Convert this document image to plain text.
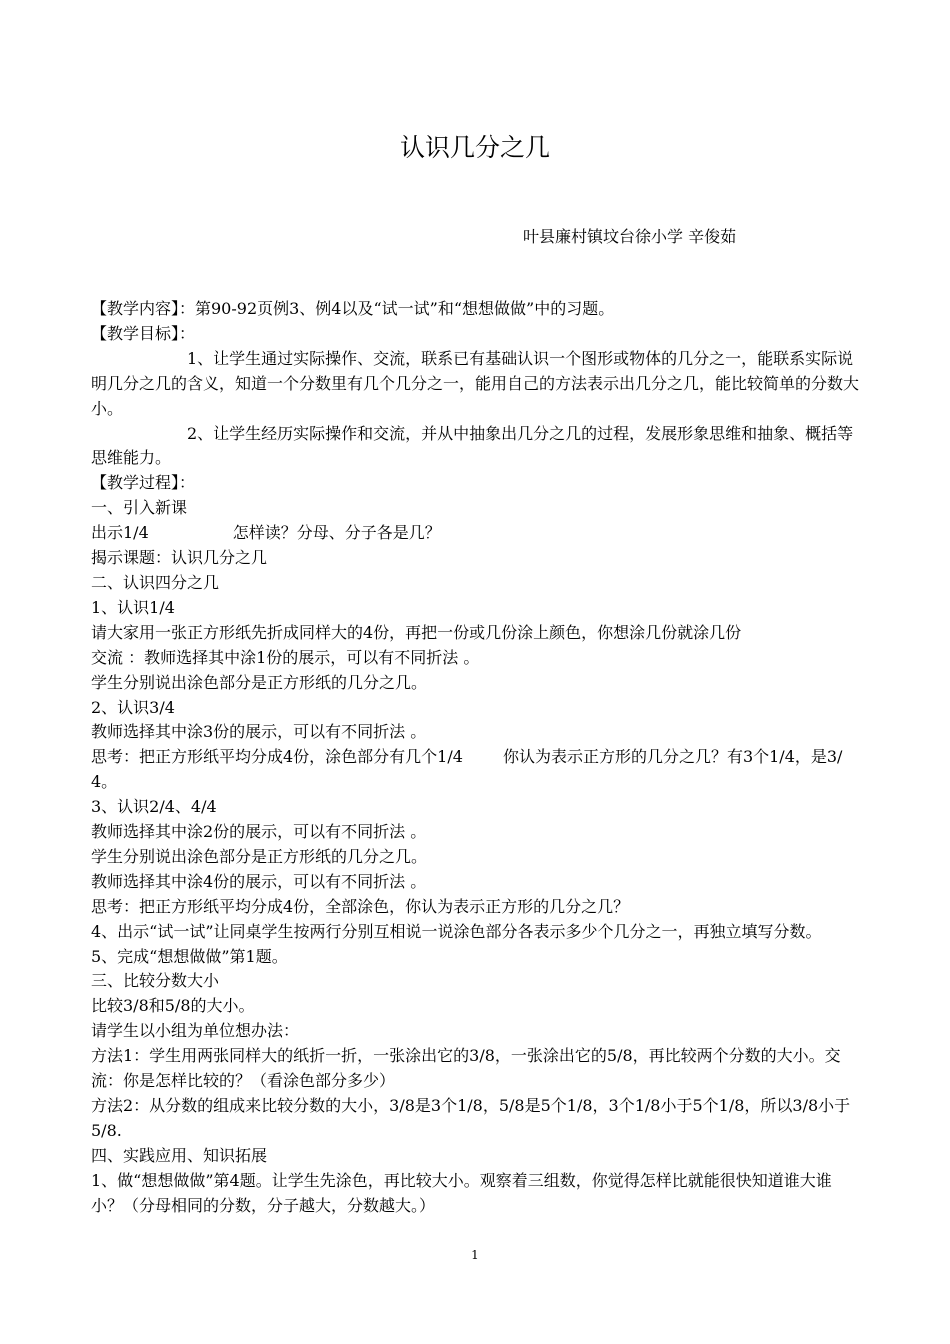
认识几分之几
叶县廉村镇坟台徐小学 辛俊茹

【教学内容】：第90-92页例3、例4以及“试一试”和“想想做做”中的习题。

【教学目标】：

1、让学生通过实际操作、交流，联系已有基础认识一个图形或物体的几分之一，能联系实际说明几分之几的含义，知道一个分数里有几个几分之一，能用自己的方法表示出几分之几，能比较简单的分数大小。

2、让学生经历实际操作和交流，并从中抽象出几分之几的过程，发展形象思维和抽象、概括等思维能力。

【教学过程】：

一、引入新课

出示1/4	怎样读？分母、分子各是几？

揭示课题：认识几分之几

二、认识四分之几

1、认识1/4

请大家用一张正方形纸先折成同样大的4份，再把一份或几份涂上颜色，你想涂几份就涂几份

交流 ：教师选择其中涂1份的展示，可以有不同折法 。

学生分别说出涂色部分是正方形纸的几分之几。

2、认识3/4

教师选择其中涂3份的展示，可以有不同折法 。

思考：把正方形纸平均分成4份，涂色部分有几个1/4	你认为表示正方形的几分之几？有3个1/4，是3/4。

3、认识2/4、4/4

教师选择其中涂2份的展示，可以有不同折法 。

学生分别说出涂色部分是正方形纸的几分之几。

教师选择其中涂4份的展示，可以有不同折法 。

思考：把正方形纸平均分成4份，全部涂色，你认为表示正方形的几分之几？

4、出示“试一试”让同桌学生按两行分别互相说一说涂色部分各表示多少个几分之一，再独立填写分数。

5、完成“想想做做”第1题。

三、比较分数大小

比较3/8和5/8的大小。

请学生以小组为单位想办法：

方法1：学生用两张同样大的纸折一折，一张涂出它的3/8，一张涂出它的5/8，再比较两个分数的大小。交流：你是怎样比较的？（看涂色部分多少）

方法2：从分数的组成来比较分数的大小，3/8是3个1/8，5/8是5个1/8，3个1/8小于5个1/8，所以3/8小于5/8.

四、实践应用、知识拓展

1、做“想想做做”第4题。让学生先涂色，再比较大小。观察着三组数，你觉得怎样比就能很快知道谁大谁小？（分母相同的分数，分子越大，分数越大。）

1
